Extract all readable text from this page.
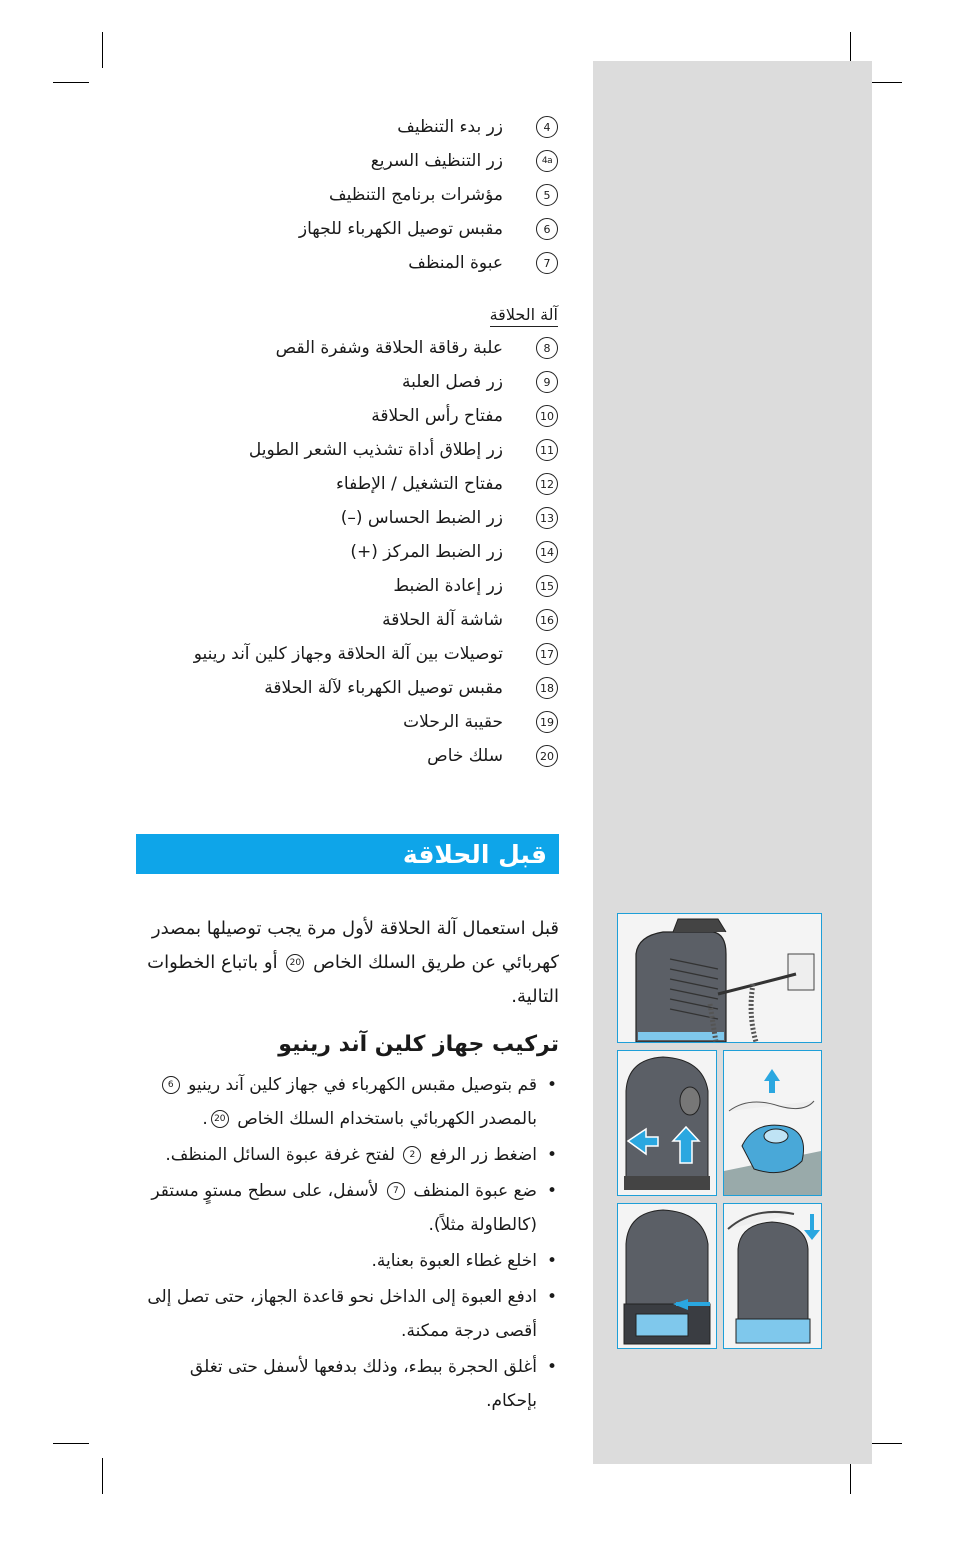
4
زر بدء التنظيف
4a
زر التنظيف السريع
5
مؤشرات برنامج التنظيف
6
مقبس توصيل الكهرباء للجهاز
7
عبوة المنظف
آلة الحلاقة
8
علبة رقاقة الحلاقة وشفرة القص
9
زر فصل العلبة
10
مفتاح رأس الحلاقة
11
زر إطلاق أداة تشذيب الشعر الطويل
12
مفتاح التشغيل / الإطفاء
13
زر الضبط الحساس (–)
14
زر الضبط المركز (+)
15
زر إعادة الضبط
16
شاشة آلة الحلاقة
17
توصيلات بين آلة الحلاقة وجهاز كلين آند رينيو
18
مقبس توصيل الكهرباء لآلة الحلاقة
19
حقيبة الرحلات
20
سلك خاص
قبل الحلاقة
قبل استعمال آلة الحلاقة لأول مرة يجب توصيلها بمصدر كهربائي عن طريق السلك الخاص 20 أو باتباع الخطوات التالية.
تركيب جهاز كلين آند رينيو
• قم بتوصيل مقبس الكهرباء في جهاز كلين آند رينيو 6 بالمصدر الكهربائي باستخدام السلك الخاص 20.
• اضغط زر الرفع 2 لفتح غرفة عبوة السائل المنظف.
• ضع عبوة المنظف 7 لأسفل، على سطح مستوٍ مستقر (كالطاولة مثلاً).
• اخلع غطاء العبوة بعناية.
• ادفع العبوة إلى الداخل نحو قاعدة الجهاز، حتى تصل إلى أقصى درجة ممكنة.
• أغلق الحجرة ببطء، وذلك بدفعها لأسفل حتى تغلق بإحكام.
